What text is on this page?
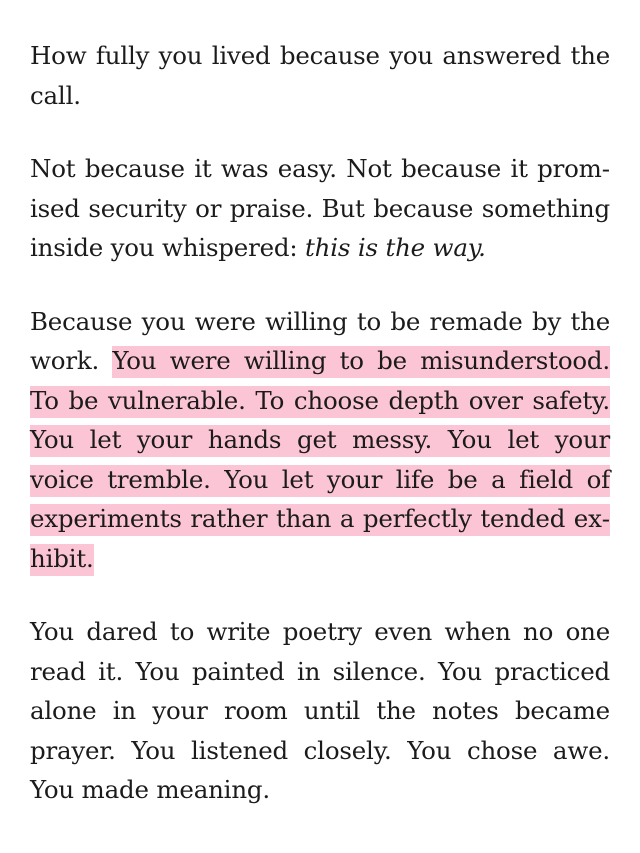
How fully you lived because you answered the call.

Not because it was easy. Not because it promised security or praise. But because something inside you whispered: this is the way.

Because you were willing to be remade by the work. You were willing to be misunderstood. To be vulnerable. To choose depth over safety. You let your hands get messy. You let your voice tremble. You let your life be a field of experiments rather than a perfectly tended exhibit.

You dared to write poetry even when no one read it. You painted in silence. You practiced alone in your room until the notes became prayer. You listened closely. You chose awe. You made meaning.
